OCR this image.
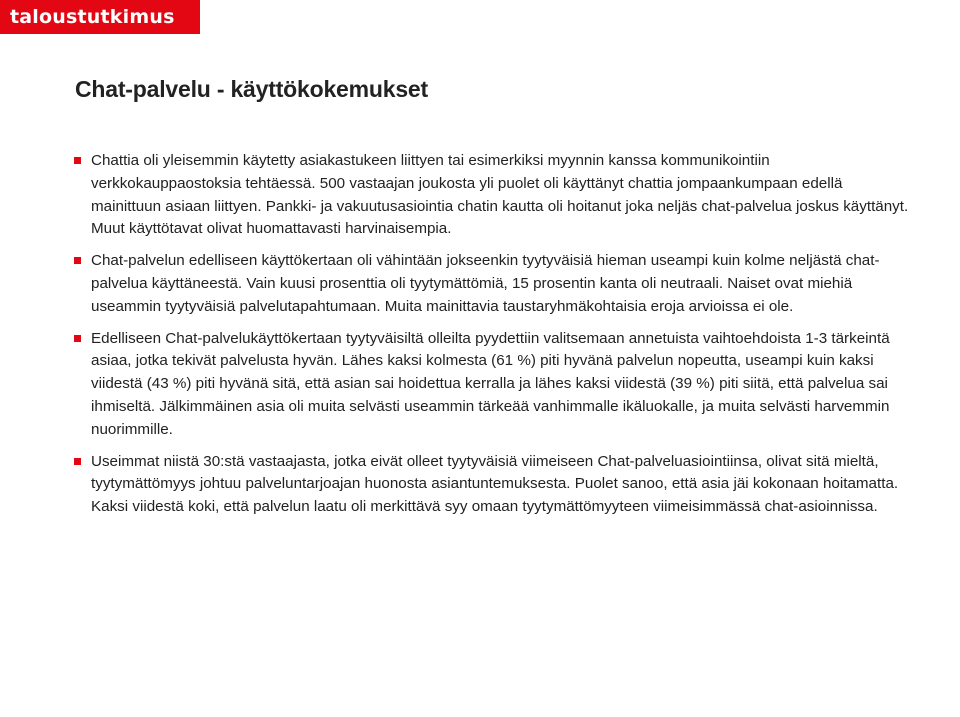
taloustutkimus oy
Chat-palvelu - käyttökokemukset
Chattia oli yleisemmin käytetty asiakastukeen liittyen tai esimerkiksi myynnin kanssa kommunikointiin verkkokauppaostoksia tehtäessä. 500 vastaajan joukosta yli puolet oli käyttänyt chattia jompaankumpaan edellä mainittuun asiaan liittyen. Pankki- ja vakuutusasiointia chatin kautta oli hoitanut joka neljäs chat-palvelua joskus käyttänyt. Muut käyttötavat olivat huomattavasti harvinaisempia.
Chat-palvelun edelliseen käyttökertaan oli vähintään jokseenkin tyytyväisiä hieman useampi kuin kolme neljästä chat-palvelua käyttäneestä. Vain kuusi prosenttia oli tyytymättömiä, 15 prosentin kanta oli neutraali. Naiset ovat miehiä useammin tyytyväisiä palvelutapahtumaan. Muita mainittavia taustaryhmäkohtaisia eroja arvioissa ei ole.
Edelliseen Chat-palvelukäyttökertaan tyytyväisiltä olleilta pyydettiin valitsemaan annetuista vaihtoehdoista 1-3 tärkeintä asiaa, jotka tekivät palvelusta hyvän. Lähes kaksi kolmesta (61 %) piti hyvänä palvelun nopeutta, useampi kuin kaksi viidestä (43 %) piti hyvänä sitä, että asian sai hoidettua kerralla ja lähes kaksi viidestä (39 %) piti siitä, että palvelua sai ihmiseltä. Jälkimmäinen asia oli muita selvästi useammin tärkeää vanhimmalle ikäluokalle, ja muita selvästi harvemmin nuorimmille.
Useimmat niistä 30:stä vastaajasta, jotka eivät olleet tyytyväisiä viimeiseen Chat-palveluasiointiinsa, olivat sitä mieltä, tyytymättömyys johtuu palveluntarjoajan huonosta asiantuntemuksesta. Puolet sanoo, että asia jäi kokonaan hoitamatta. Kaksi viidestä koki, että palvelun laatu oli merkittävä syy omaan tyytymättömyyteen viimeisimmässä chat-asioinnissa.
